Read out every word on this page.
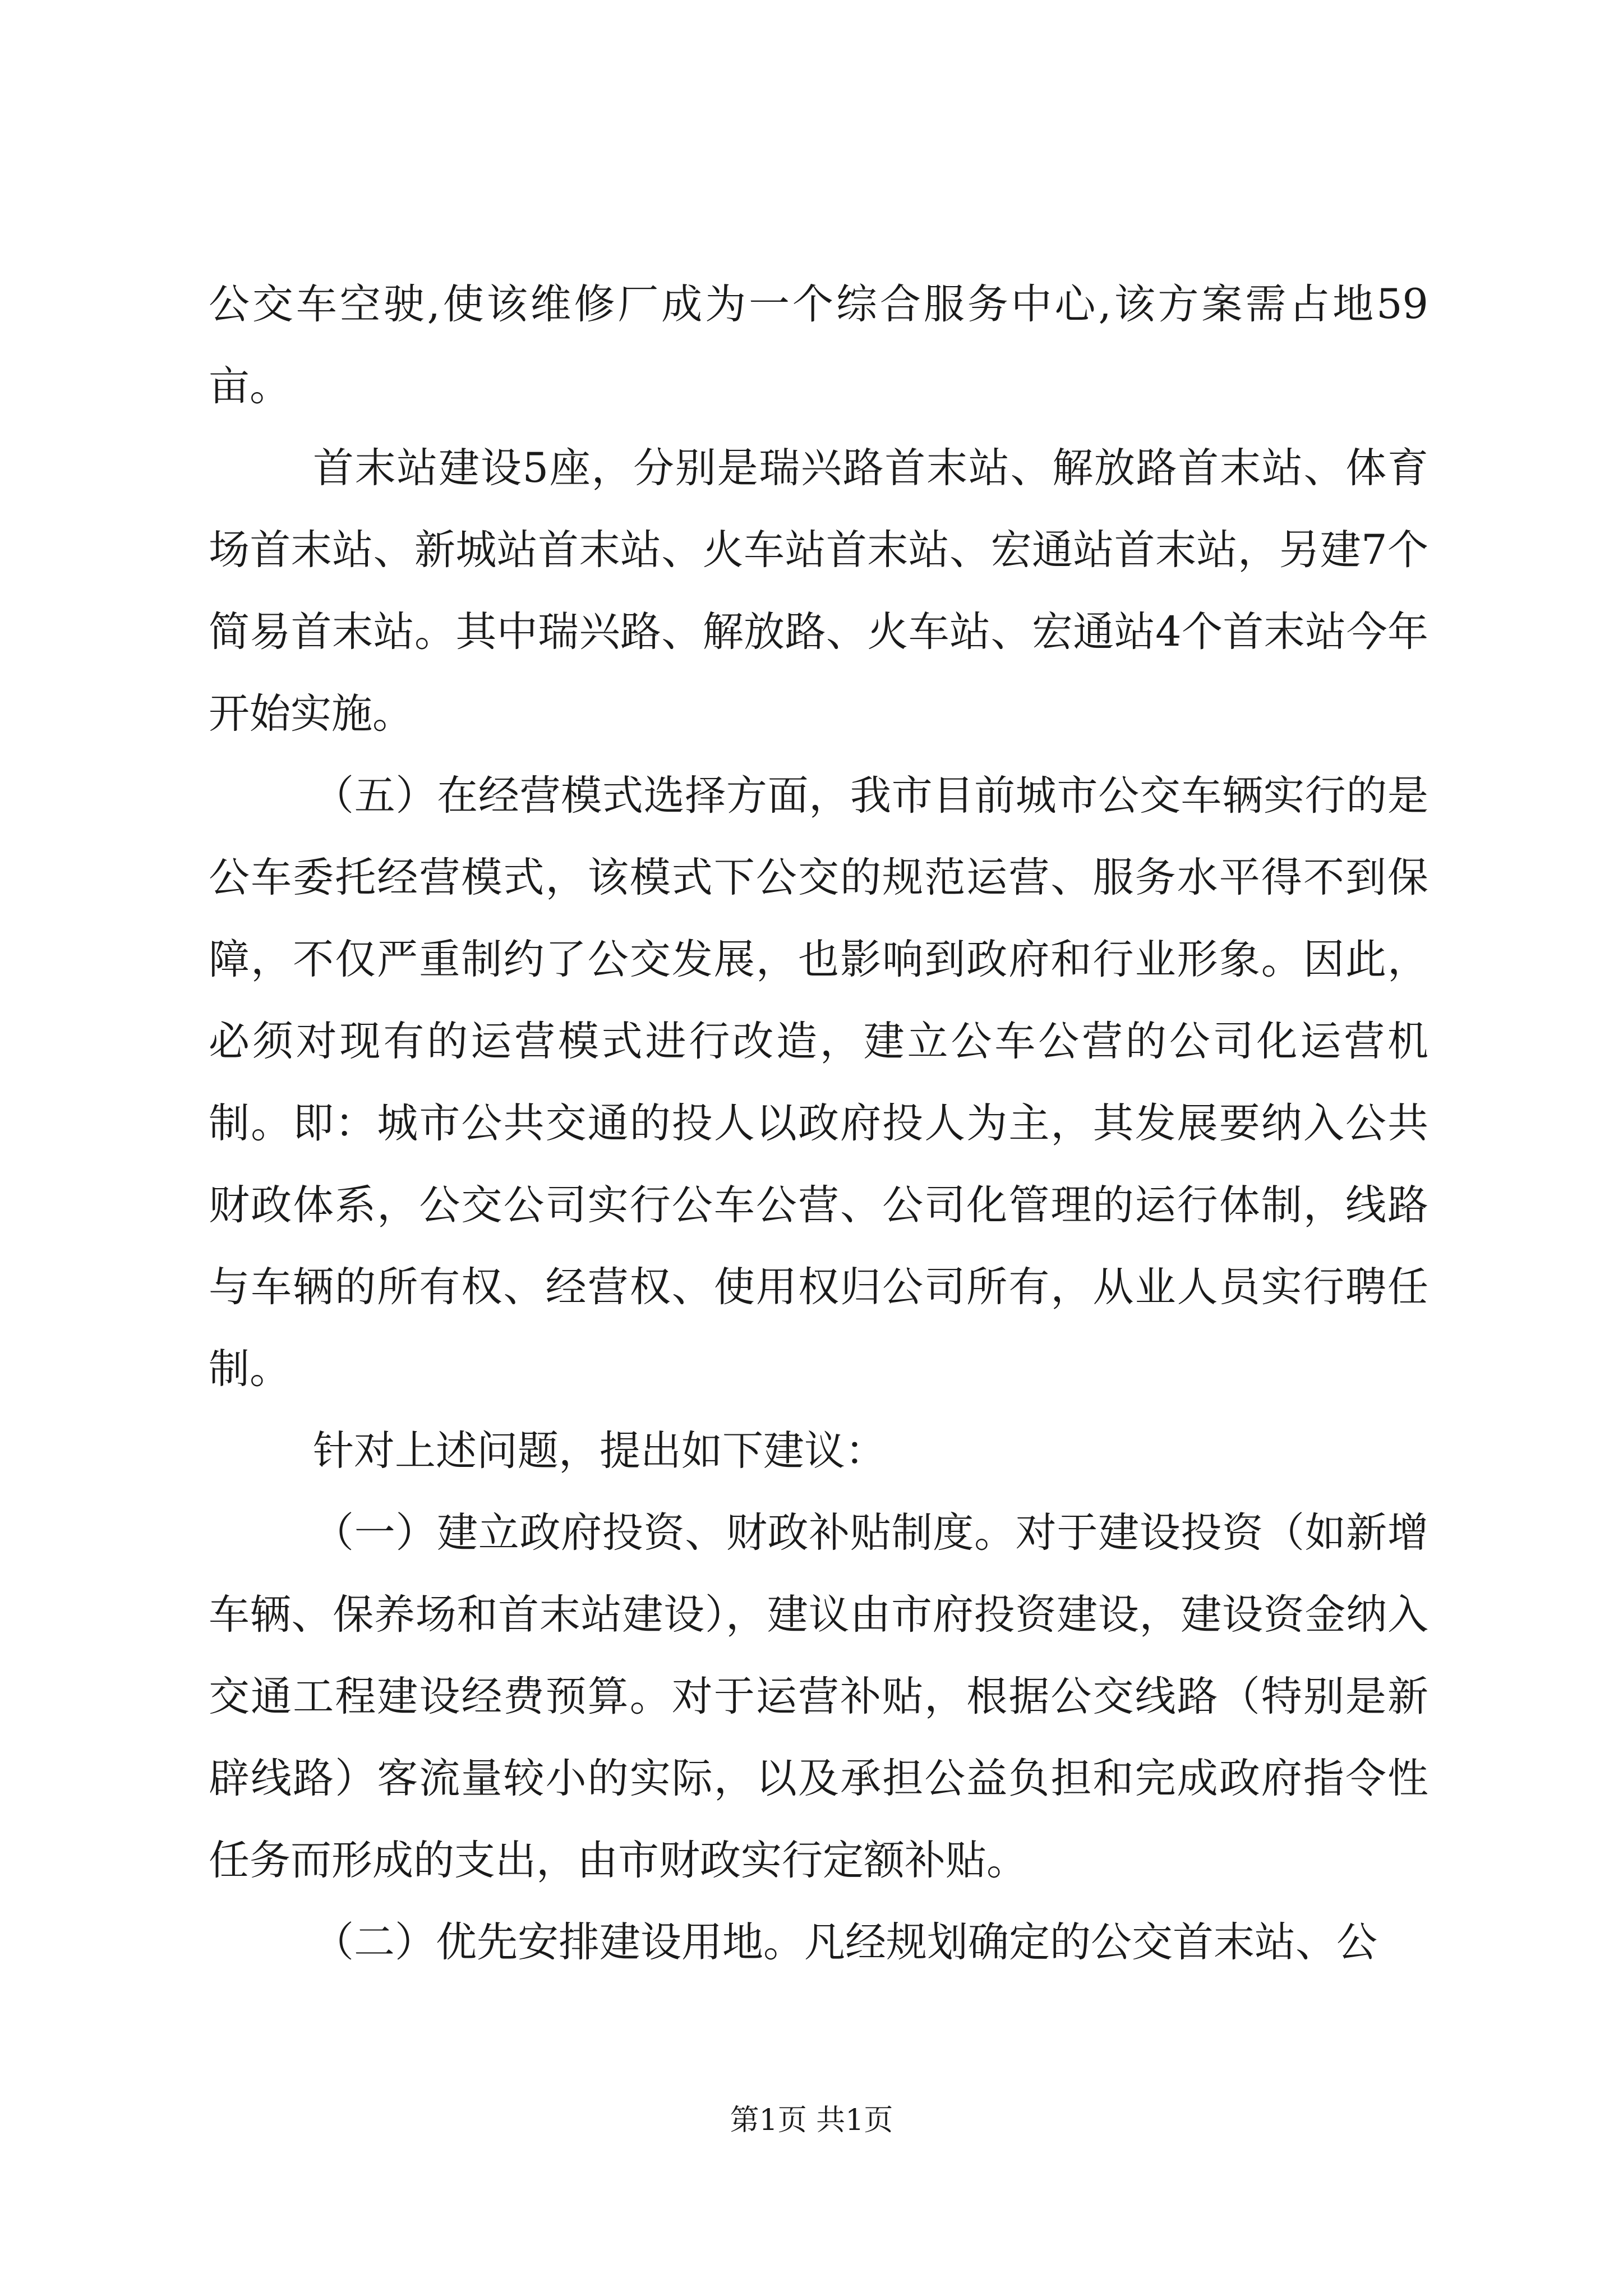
公交车空驶,使该维修厂成为一个综合服务中心,该方案需占地59亩。

首末站建设5座，分别是瑞兴路首末站、解放路首末站、体育场首末站、新城站首末站、火车站首末站、宏通站首末站，另建7个简易首末站。其中瑞兴路、解放路、火车站、宏通站4个首末站今年开始实施。

（五）在经营模式选择方面，我市目前城市公交车辆实行的是公车委托经营模式，该模式下公交的规范运营、服务水平得不到保障，不仅严重制约了公交发展，也影响到政府和行业形象。因此，必须对现有的运营模式进行改造，建立公车公营的公司化运营机制。即：城市公共交通的投人以政府投人为主，其发展要纳入公共财政体系，公交公司实行公车公营、公司化管理的运行体制，线路与车辆的所有权、经营权、使用权归公司所有，从业人员实行聘任制。

针对上述问题，提出如下建议：

（一）建立政府投资、财政补贴制度。对于建设投资（如新增车辆、保养场和首末站建设），建议由市府投资建设，建设资金纳入交通工程建设经费预算。对于运营补贴，根据公交线路（特别是新辟线路）客流量较小的实际，以及承担公益负担和完成政府指令性任务而形成的支出，由市财政实行定额补贴。

（二）优先安排建设用地。凡经规划确定的公交首末站、公

第1页 共1页
